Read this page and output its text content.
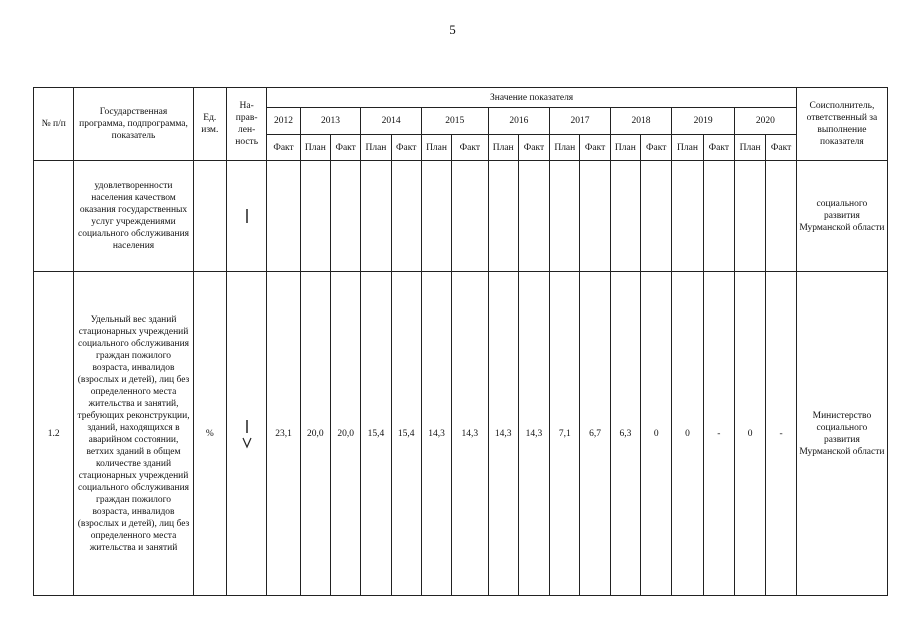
5
№ п/п	Государственная программа, подпрограмма, показатель	Ед. изм.	На-прав-лен-ность	Значение показателя																	Соисполнитель, ответственный за выполнение показателя
				2012	2013		2014		2015		2016		2017		2018		2019		2020		
				Факт	План	Факт	План	Факт	План	Факт	План	Факт	План	Факт	План	Факт	План	Факт	План	Факт	
	удовлетворенности населения качеством оказания государственных услуг учреждениями социального обслуживания населения																				социального развития Мурманской области
1.2	Удельный вес зданий стационарных учреждений социального обслуживания граждан пожилого возраста, инвалидов (взрослых и детей), лиц без определенного места жительства и занятий, требующих реконструкции, зданий, находящихся в аварийном состоянии, ветхих зданий в общем количестве зданий стационарных учреждений социального обслуживания граждан пожилого возраста, инвалидов (взрослых и детей), лиц без определенного места жительства и занятий	%		23,1	20,0	20,0	15,4	15,4	14,3	14,3	14,3	14,3	7,1	6,7	6,3	0	0	-	0	-	Министерство социального развития Мурманской области
